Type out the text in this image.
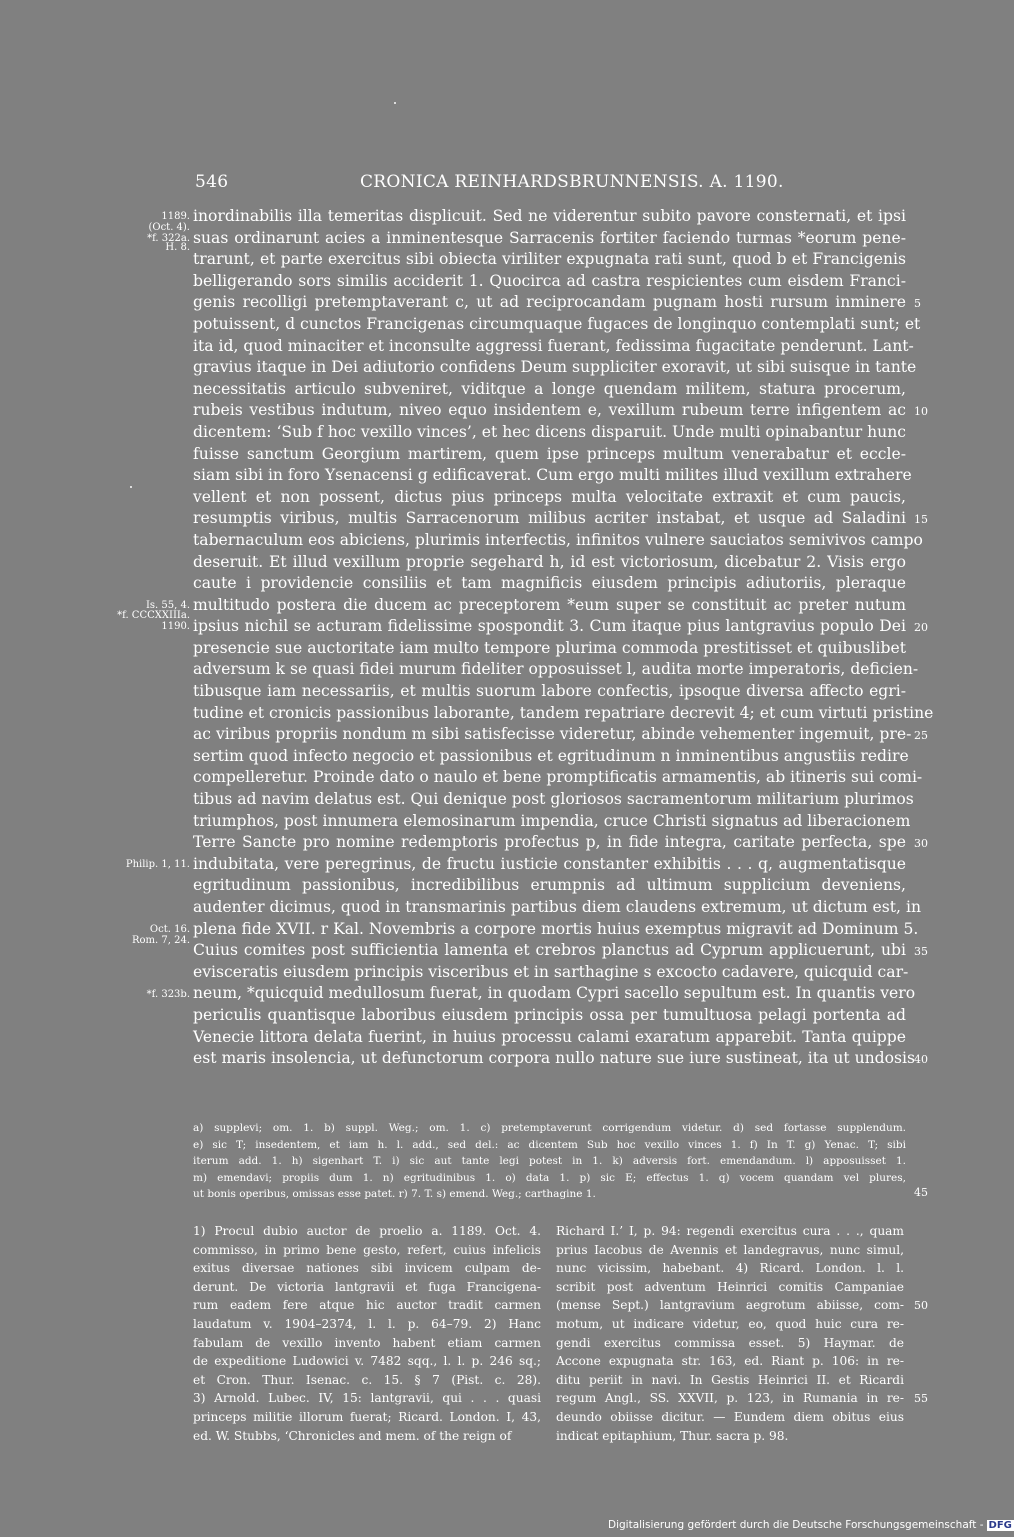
546	CRONICA REINHARDSBRUNNENSIS. A. 1190.
inordinabilis illa temeritas displicuit. Sed ne viderentur subito pavore consternati, et ipsi
suas ordinarunt acies a inminentesque Sarracenis fortiter faciendo turmas *eorum pene-
trarunt, et parte exercitus sibi obiecta viriliter expugnata rati sunt, quod b et Francigenis
belligerando sors similis acciderit 1. Quocirca ad castra respicientes cum eisdem Franci-
genis recolligi pretemptaverant c, ut ad reciprocandam pugnam hosti rursum inminere
potuissent, d cunctos Francigenas circumquaque fugaces de longinquo contemplati sunt; et
ita id, quod minaciter et inconsulte aggressi fuerant, fedissima fugacitate penderunt. Lant-
gravius itaque in Dei adiutorio confidens Deum suppliciter exoravit, ut sibi suisque in tante
necessitatis articulo subveniret, viditque a longe quendam militem, statura procerum,
rubeis vestibus indutum, niveo equo insidentem e, vexillum rubeum terre infigentem ac
dicentem: ‘Sub f hoc vexillo vinces’, et hec dicens disparuit. Unde multi opinabantur hunc
fuisse sanctum Georgium martirem, quem ipse princeps multum venerabatur et eccle-
siam sibi in foro Ysenacensi g edificaverat. Cum ergo multi milites illud vexillum extrahere
vellent et non possent, dictus pius princeps multa velocitate extraxit et cum paucis,
resumptis viribus, multis Sarracenorum milibus acriter instabat, et usque ad Saladini
tabernaculum eos abiciens, plurimis interfectis, infinitos vulnere sauciatos semivivos campo
deseruit. Et illud vexillum proprie segehard h, id est victoriosum, dicebatur 2. Visis ergo
caute i providencie consiliis et tam magnificis eiusdem principis adiutoriis, pleraque
multitudo postera die ducem ac preceptorem *eum super se constituit ac preter nutum
ipsius nichil se acturam fidelissime spospondit 3. Cum itaque pius lantgravius populo Dei
presencie sue auctoritate iam multo tempore plurima commoda prestitisset et quibuslibet
adversum k se quasi fidei murum fideliter opposuisset l, audita morte imperatoris, deficien-
tibusque iam necessariis, et multis suorum labore confectis, ipsoque diversa affecto egri-
tudine et cronicis passionibus laborante, tandem repatriare decrevit 4; et cum virtuti pristine
ac viribus propriis nondum m sibi satisfecisse videretur, abinde vehementer ingemuit, pre-
sertim quod infecto negocio et passionibus et egritudinum n inminentibus angustiis redire
compelleretur. Proinde dato o naulo et bene promptificatis armamentis, ab itineris sui comi-
tibus ad navim delatus est. Qui denique post gloriosos sacramentorum militarium plurimos
triumphos, post innumera elemosinarum impendia, cruce Christi signatus ad liberacionem
Terre Sancte pro nomine redemptoris profectus p, in fide integra, caritate perfecta, spe
indubitata, vere peregrinus, de fructu iusticie constanter exhibitis . . . q, augmentatisque
egritudinum passionibus, incredibilibus erumpnis ad ultimum supplicium deveniens,
audenter dicimus, quod in transmarinis partibus diem claudens extremum, ut dictum est, in
plena fide XVII. r Kal. Novembris a corpore mortis huius exemptus migravit ad Dominum 5.
Cuius comites post sufficientia lamenta et crebros planctus ad Cyprum applicuerunt, ubi
evisceratis eiusdem principis visceribus et in sarthagine s excocto cadavere, quicquid car-
neum, *quicquid medullosum fuerat, in quodam Cypri sacello sepultum est. In quantis vero
periculis quantisque laboribus eiusdem principis ossa per tumultuosa pelagi portenta ad
Venecie littora delata fuerint, in huius processu calami exaratum apparebit. Tanta quippe
est maris insolencia, ut defunctorum corpora nullo nature sue iure sustineat, ita ut undosis
1189.
(Oct. 4).
*f. 322a.
H. 8.
Is. 55, 4.
*f. CCCXXIIIa.
1190.
Philip. 1, 11.
Oct. 16.
Rom. 7, 24.
*f. 323b.
5
10
15
20
25
30
35
40
a) supplevi; om. 1. b) suppl. Weg.; om. 1. c) pretemptaverunt corrigendum videtur. d) sed fortasse supplendum.
e) sic T; insedentem, et iam h. l. add., sed del.: ac dicentem Sub hoc vexillo vinces 1. f) In T. g) Yenac. T; sibi
iterum add. 1. h) sigenhart T. i) sic aut tante legi potest in 1. k) adversis fort. emendandum. l) apposuisset 1.
m) emendavi; propiis dum 1. n) egritudinibus 1. o) data 1. p) sic E; effectus 1. q) vocem quandam vel plures,
ut bonis operibus, omissas esse patet. r) 7. T. s) emend. Weg.; carthagine 1.	45
1) Procul dubio auctor de proelio a. 1189. Oct. 4.
commisso, in primo bene gesto, refert, cuius infelicis
exitus diversae nationes sibi invicem culpam de-
derunt. De victoria lantgravii et fuga Francigena-
rum eadem fere atque hic auctor tradit carmen
laudatum v. 1904–2374, l. l. p. 64–79. 2) Hanc
fabulam de vexillo invento habent etiam carmen
de expeditione Ludowici v. 7482 sqq., l. l. p. 246 sq.;
et Cron. Thur. Isenac. c. 15. § 7 (Pist. c. 28).
3) Arnold. Lubec. IV, 15: lantgravii, qui . . . quasi
princeps militie illorum fuerat; Ricard. London. I, 43,
ed. W. Stubbs, ‘Chronicles and mem. of the reign of
Richard I.’ I, p. 94: regendi exercitus cura . . ., quam
prius Iacobus de Avennis et landegravus, nunc simul,
nunc vicissim, habebant. 4) Ricard. London. l. l.
scribit post adventum Heinrici comitis Campaniae
(mense Sept.) lantgravium aegrotum abiisse, com-
motum, ut indicare videtur, eo, quod huic cura re-
gendi exercitus commissa esset. 5) Haymar. de
Accone expugnata str. 163, ed. Riant p. 106: in re-
ditu periit in navi. In Gestis Heinrici II. et Ricardi
regum Angl., SS. XXVII, p. 123, in Rumania in re-
deundo obiisse dicitur. — Eundem diem obitus eius
indicat epitaphium, Thur. sacra p. 98.
50
55
Digitalisierung gefördert durch die Deutsche Forschungsgemeinschaft - DFG
